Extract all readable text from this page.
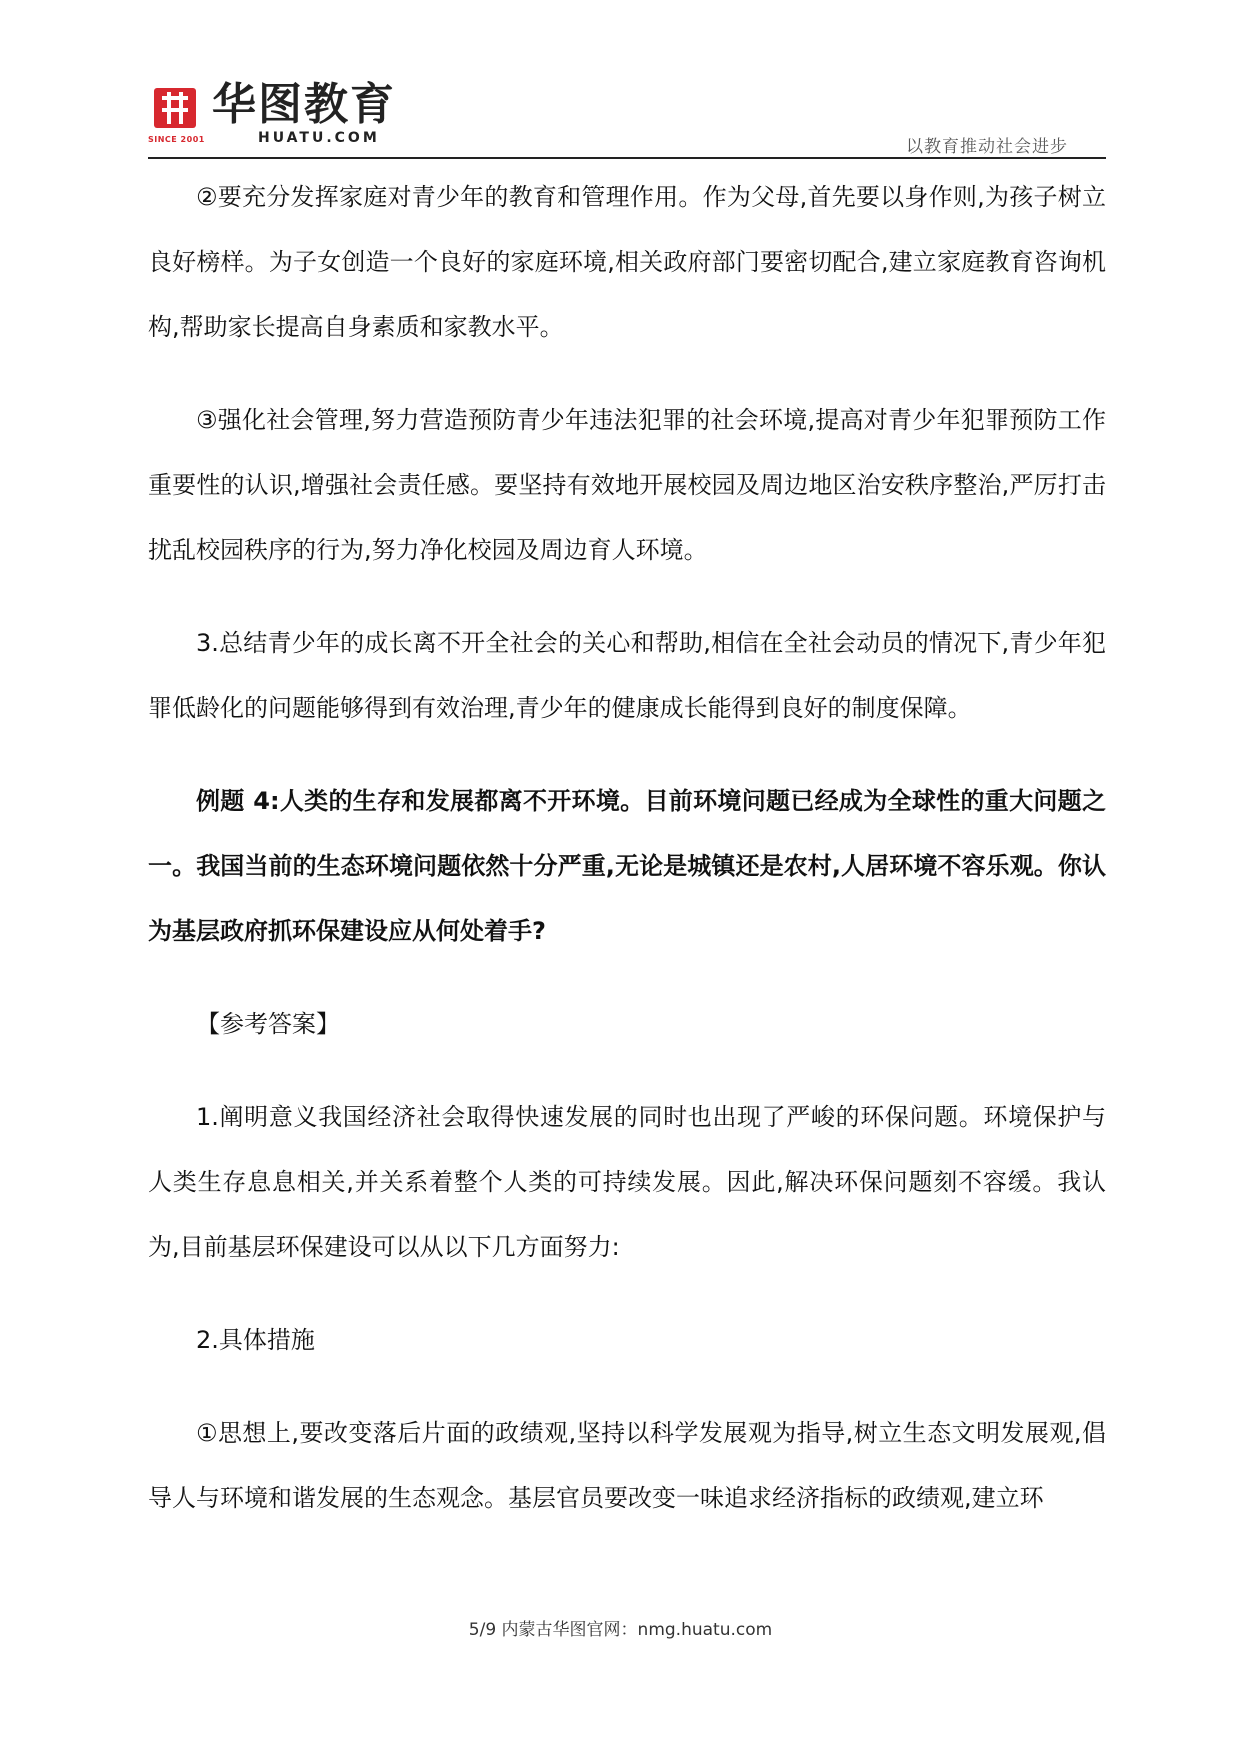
SINCE 2001
华图教育
HUATU.COM	以教育推动社会进步

②要充分发挥家庭对青少年的教育和管理作用。作为父母,首先要以身作则,为孩子树立良好榜样。为子女创造一个良好的家庭环境,相关政府部门要密切配合,建立家庭教育咨询机构,帮助家长提高自身素质和家教水平。

③强化社会管理,努力营造预防青少年违法犯罪的社会环境,提高对青少年犯罪预防工作重要性的认识,增强社会责任感。要坚持有效地开展校园及周边地区治安秩序整治,严厉打击扰乱校园秩序的行为,努力净化校园及周边育人环境。

3.总结青少年的成长离不开全社会的关心和帮助,相信在全社会动员的情况下,青少年犯罪低龄化的问题能够得到有效治理,青少年的健康成长能得到良好的制度保障。

例题 4:人类的生存和发展都离不开环境。目前环境问题已经成为全球性的重大问题之一。我国当前的生态环境问题依然十分严重,无论是城镇还是农村,人居环境不容乐观。你认为基层政府抓环保建设应从何处着手?

【参考答案】

1.阐明意义我国经济社会取得快速发展的同时也出现了严峻的环保问题。环境保护与人类生存息息相关,并关系着整个人类的可持续发展。因此,解决环保问题刻不容缓。我认为,目前基层环保建设可以从以下几方面努力:

2.具体措施

①思想上,要改变落后片面的政绩观,坚持以科学发展观为指导,树立生态文明发展观,倡导人与环境和谐发展的生态观念。基层官员要改变一味追求经济指标的政绩观,建立环

5/9 内蒙古华图官网：nmg.huatu.com
